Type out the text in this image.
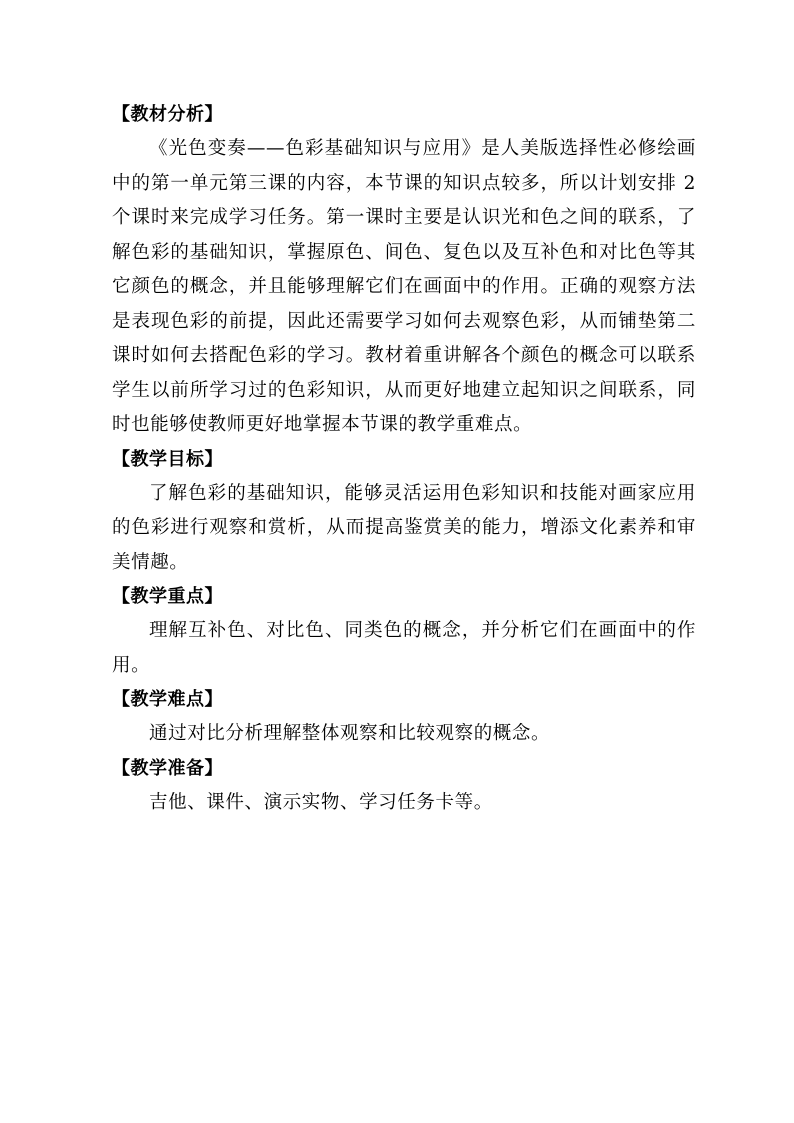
【教材分析】

《光色变奏——色彩基础知识与应用》是人美版选择性必修绘画中的第一单元第三课的内容，本节课的知识点较多，所以计划安排 2 个课时来完成学习任务。第一课时主要是认识光和色之间的联系，了解色彩的基础知识，掌握原色、间色、复色以及互补色和对比色等其它颜色的概念，并且能够理解它们在画面中的作用。正确的观察方法是表现色彩的前提，因此还需要学习如何去观察色彩，从而铺垫第二课时如何去搭配色彩的学习。教材着重讲解各个颜色的概念可以联系学生以前所学习过的色彩知识，从而更好地建立起知识之间联系，同时也能够使教师更好地掌握本节课的教学重难点。

【教学目标】

了解色彩的基础知识，能够灵活运用色彩知识和技能对画家应用的色彩进行观察和赏析，从而提高鉴赏美的能力，增添文化素养和审美情趣。

【教学重点】

理解互补色、对比色、同类色的概念，并分析它们在画面中的作用。

【教学难点】

通过对比分析理解整体观察和比较观察的概念。

【教学准备】

吉他、课件、演示实物、学习任务卡等。
